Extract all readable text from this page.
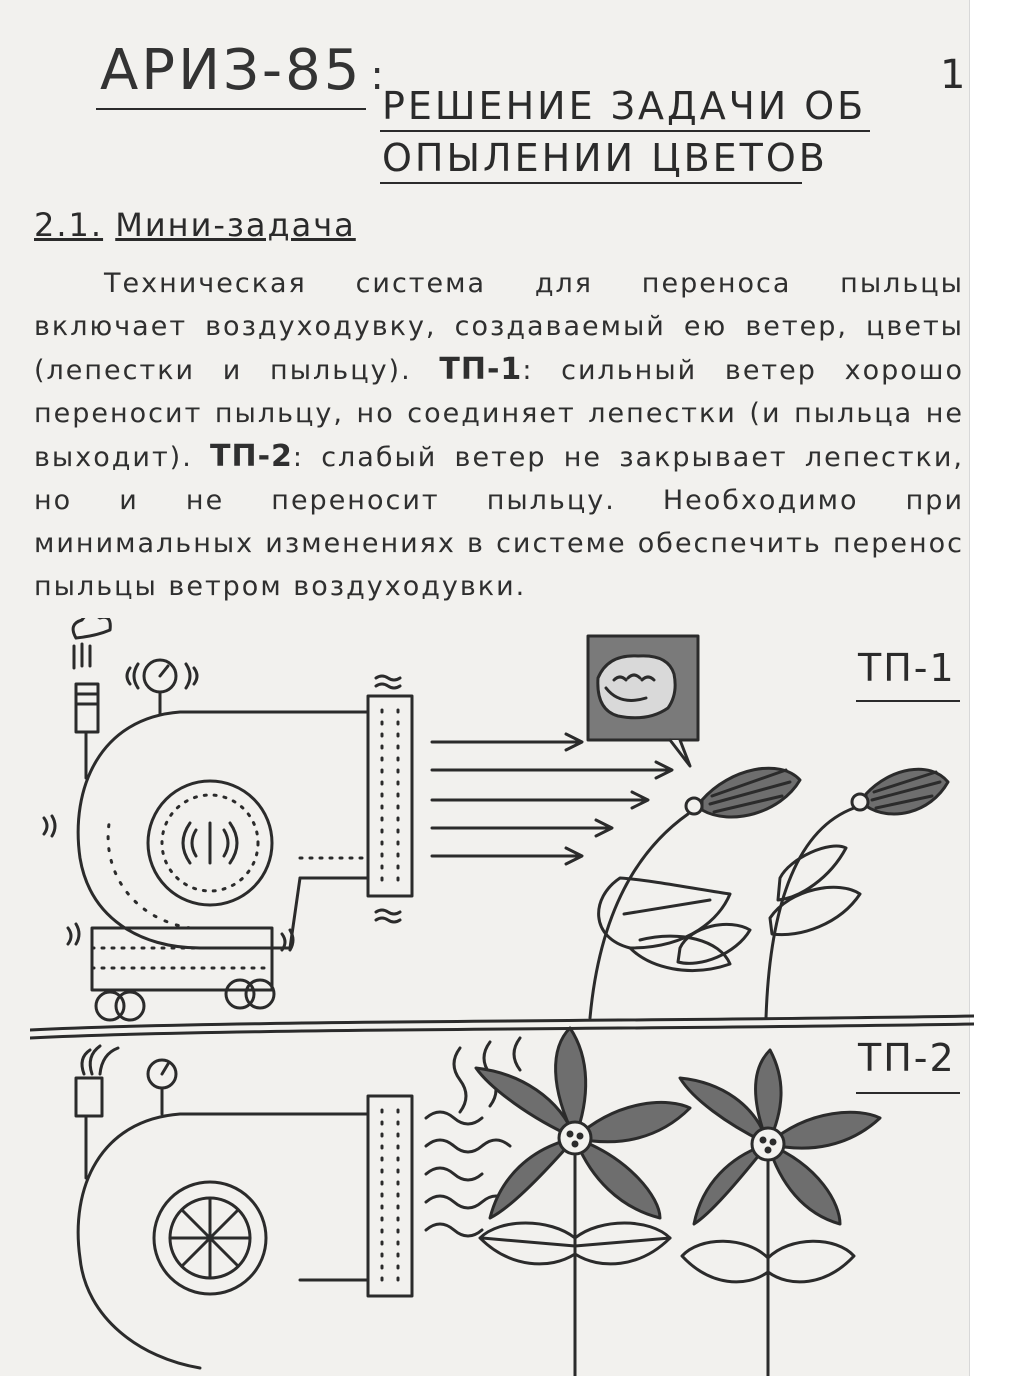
1
АРИЗ-85 :
РЕШЕНИЕ ЗАДАЧИ ОБ
ОПЫЛЕНИИ ЦВЕТОВ
2.1. Мини-задача
Техническая система для переноса пыльцы включает воздуходувку, создаваемый ею ветер, цветы (лепестки и пыльцу). ТП-1: сильный ветер хорошо переносит пыльцу, но соединяет лепестки (и пыльца не выходит). ТП-2: слабый ветер не закрывает лепестки, но и не переносит пыльцу. Необходимо при минимальных изменениях в системе обеспечить перенос пыльцы ветром воздуходувки.
ТП-1
ТП-2
